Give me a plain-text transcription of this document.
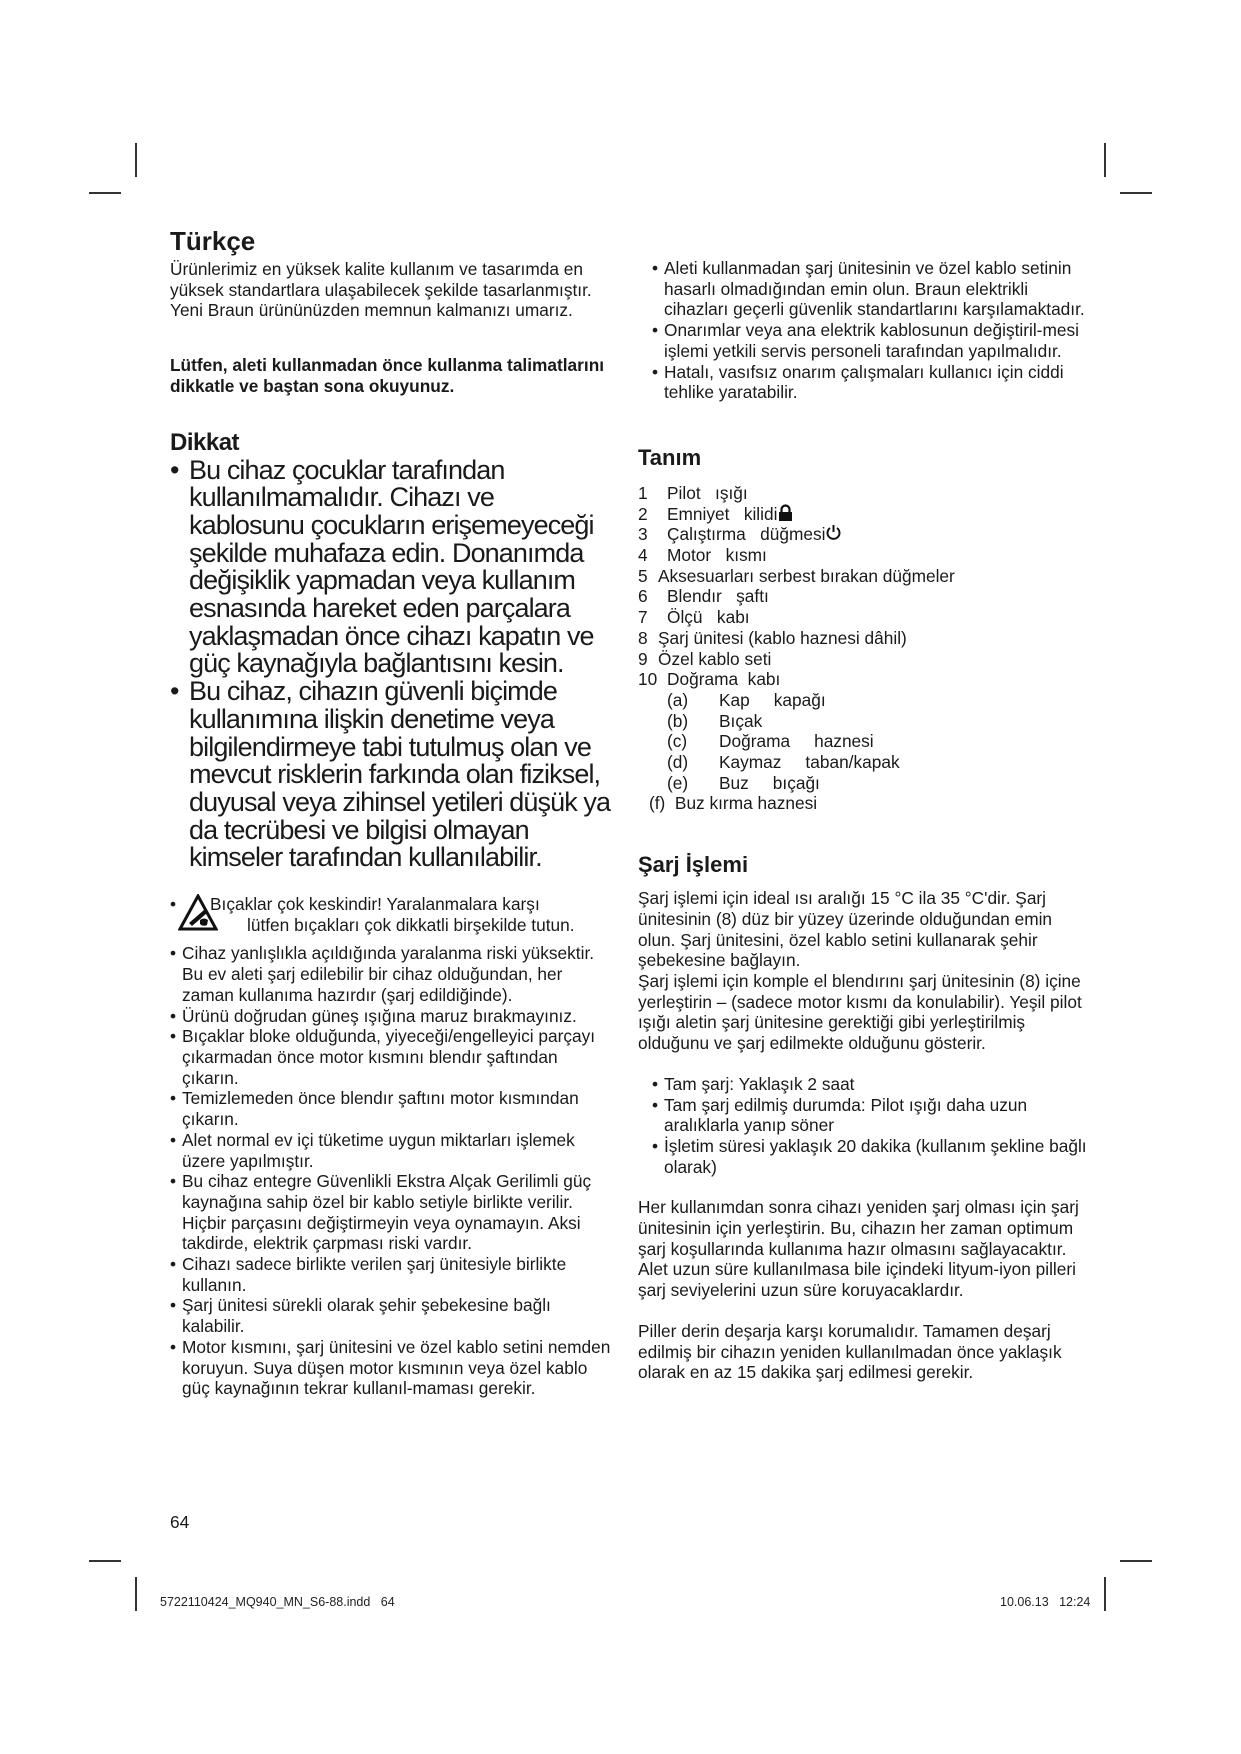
Türkçe

Ürünlerimiz en yüksek kalite kullanım ve tasarımda en yüksek standartlara ulaşabilecek şekilde tasarlanmıştır. Yeni Braun ürününüzden memnun kalmanızı umarız.

Lütfen, aleti kullanmadan önce kullanma talimatlarını dikkatle ve baştan sona okuyunuz.

Dikkat
• Bu cihaz çocuklar tarafından kullanılmamalıdır. Cihazı ve kablosunu çocukların erişemeyeceği şekilde muhafaza edin. Donanımda değişiklik yapmadan veya kullanım esnasında hareket eden parçalara yaklaşmadan önce cihazı kapatın ve güç kaynağıyla bağlantısını kesin.
• Bu cihaz, cihazın güvenli biçimde kullanımına ilişkin denetime veya bilgilendirmeye tabi tutulmuş olan ve mevcut risklerin farkında olan fiziksel, duyusal veya zihinsel yetileri düşük ya da tecrübesi ve bilgisi olmayan kimseler tarafından kullanılabilir.
•	Bıçaklar çok keskindir! Yaralanmalara karşı
lütfen bıçakları çok dikkatli birşekilde tutun.
• Cihaz yanlışlıkla açıldığında yaralanma riski yüksektir. Bu ev aleti şarj edilebilir bir cihaz olduğundan, her zaman kullanıma hazırdır (şarj edildiğinde).
• Ürünü doğrudan güneş ışığına maruz bırakmayınız.
• Bıçaklar bloke olduğunda, yiyeceği/engelleyici parçayı çıkarmadan önce motor kısmını blendır şaftından çıkarın.
• Temizlemeden önce blendır şaftını motor kısmından çıkarın.
• Alet normal ev içi tüketime uygun miktarları işlemek üzere yapılmıştır.
• Bu cihaz entegre Güvenlikli Ekstra Alçak Gerilimli güç kaynağına sahip özel bir kablo setiyle birlikte verilir. Hiçbir parçasını değiştirmeyin veya oynamayın. Aksi takdirde, elektrik çarpması riski vardır.
• Cihazı sadece birlikte verilen şarj ünitesiyle birlikte kullanın.
• Şarj ünitesi sürekli olarak şehir şebekesine bağlı kalabilir.
• Motor kısmını, şarj ünitesini ve özel kablo setini nemden koruyun. Suya düşen motor kısmının veya özel kablo güç kaynağının tekrar kullanıl-maması gerekir.
64
• Aleti kullanmadan şarj ünitesinin ve özel kablo setinin hasarlı olmadığından emin olun. Braun elektrikli cihazları geçerli güvenlik standartlarını karşılamaktadır.
• Onarımlar veya ana elektrik kablosunun değiştiril-mesi işlemi yetkili servis personeli tarafından yapılmalıdır.
• Hatalı, vasıfsız onarım çalışmaları kullanıcı için ciddi tehlike yaratabilir.
Tanım
1	Pilot   ışığı
2	Emniyet   kilidi
3	Çalıştırma   düğmesi
4	Motor   kısmı
5 Aksesuarları serbest bırakan düğmeler
6	Blendır   şaftı
7	Ölçü   kabı
8 Şarj ünitesi (kablo haznesi dâhil)
9 Özel kablo seti
10 Doğrama  kabı
(a)	Kap     kapağı
(b)	Bıçak
(c)	Doğrama     haznesi
(d)	Kaymaz     taban/kapak
(e)	Buz     bıçağı
(f)  Buz kırma haznesi
Şarj İşlemi

Şarj işlemi için ideal ısı aralığı 15 °C ila 35 °C'dir. Şarj ünitesinin (8) düz bir yüzey üzerinde olduğundan emin olun. Şarj ünitesini, özel kablo setini kullanarak şehir şebekesine bağlayın.

Şarj işlemi için komple el blendırını şarj ünitesinin (8) içine yerleştirin – (sadece motor kısmı da konulabilir). Yeşil pilot ışığı aletin şarj ünitesine gerektiği gibi yerleştirilmiş olduğunu ve şarj edilmekte olduğunu gösterir.

• Tam şarj: Yaklaşık 2 saat
• Tam şarj edilmiş durumda: Pilot ışığı daha uzun aralıklarla yanıp söner
• İşletim süresi yaklaşık 20 dakika (kullanım şekline bağlı olarak)

Her kullanımdan sonra cihazı yeniden şarj olması için şarj ünitesinin için yerleştirin. Bu, cihazın her zaman optimum şarj koşullarında kullanıma hazır olmasını sağlayacaktır. Alet uzun süre kullanılmasa bile içindeki lityum-iyon pilleri şarj seviyelerini uzun süre koruyacaklardır.

Piller derin deşarja karşı korumalıdır. Tamamen deşarj edilmiş bir cihazın yeniden kullanılmadan önce yaklaşık olarak en az 15 dakika şarj edilmesi gerekir.

5722110424_MQ940_MN_S6-88.indd   64	10.06.13   12:24
